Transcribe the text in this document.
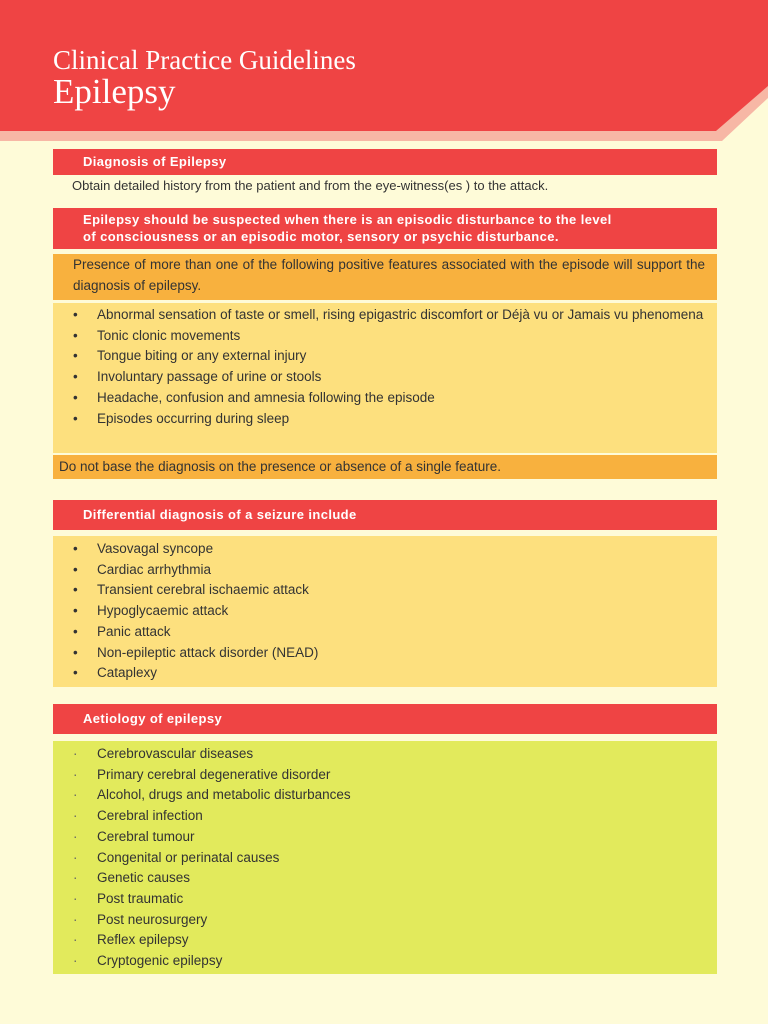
Clinical Practice Guidelines
Epilepsy
Diagnosis of Epilepsy
Obtain detailed history from the patient and from the eye-witness(es ) to the attack.
Epilepsy should be suspected when there is an episodic disturbance to the level
of consciousness or an episodic motor, sensory or psychic disturbance.
Presence of more than one of the following positive features associated with the episode will support the diagnosis of epilepsy.
• Abnormal sensation of taste or smell, rising epigastric discomfort or Déjà vu or Jamais vu phenomena
• Tonic clonic movements
• Tongue biting or any external injury
• Involuntary passage of urine or stools
• Headache, confusion and amnesia following the episode
• Episodes occurring during sleep
Do not base the diagnosis on the presence or absence of a single feature.
Differential diagnosis of a seizure include
• Vasovagal syncope
• Cardiac arrhythmia
• Transient cerebral ischaemic attack
• Hypoglycaemic attack
• Panic attack
• Non-epileptic attack disorder (NEAD)
• Cataplexy
Aetiology of epilepsy
· Cerebrovascular diseases
· Primary cerebral degenerative disorder
· Alcohol, drugs and metabolic disturbances
· Cerebral infection
· Cerebral tumour
· Congenital or perinatal causes
· Genetic causes
· Post traumatic
· Post neurosurgery
· Reflex epilepsy
· Cryptogenic epilepsy
